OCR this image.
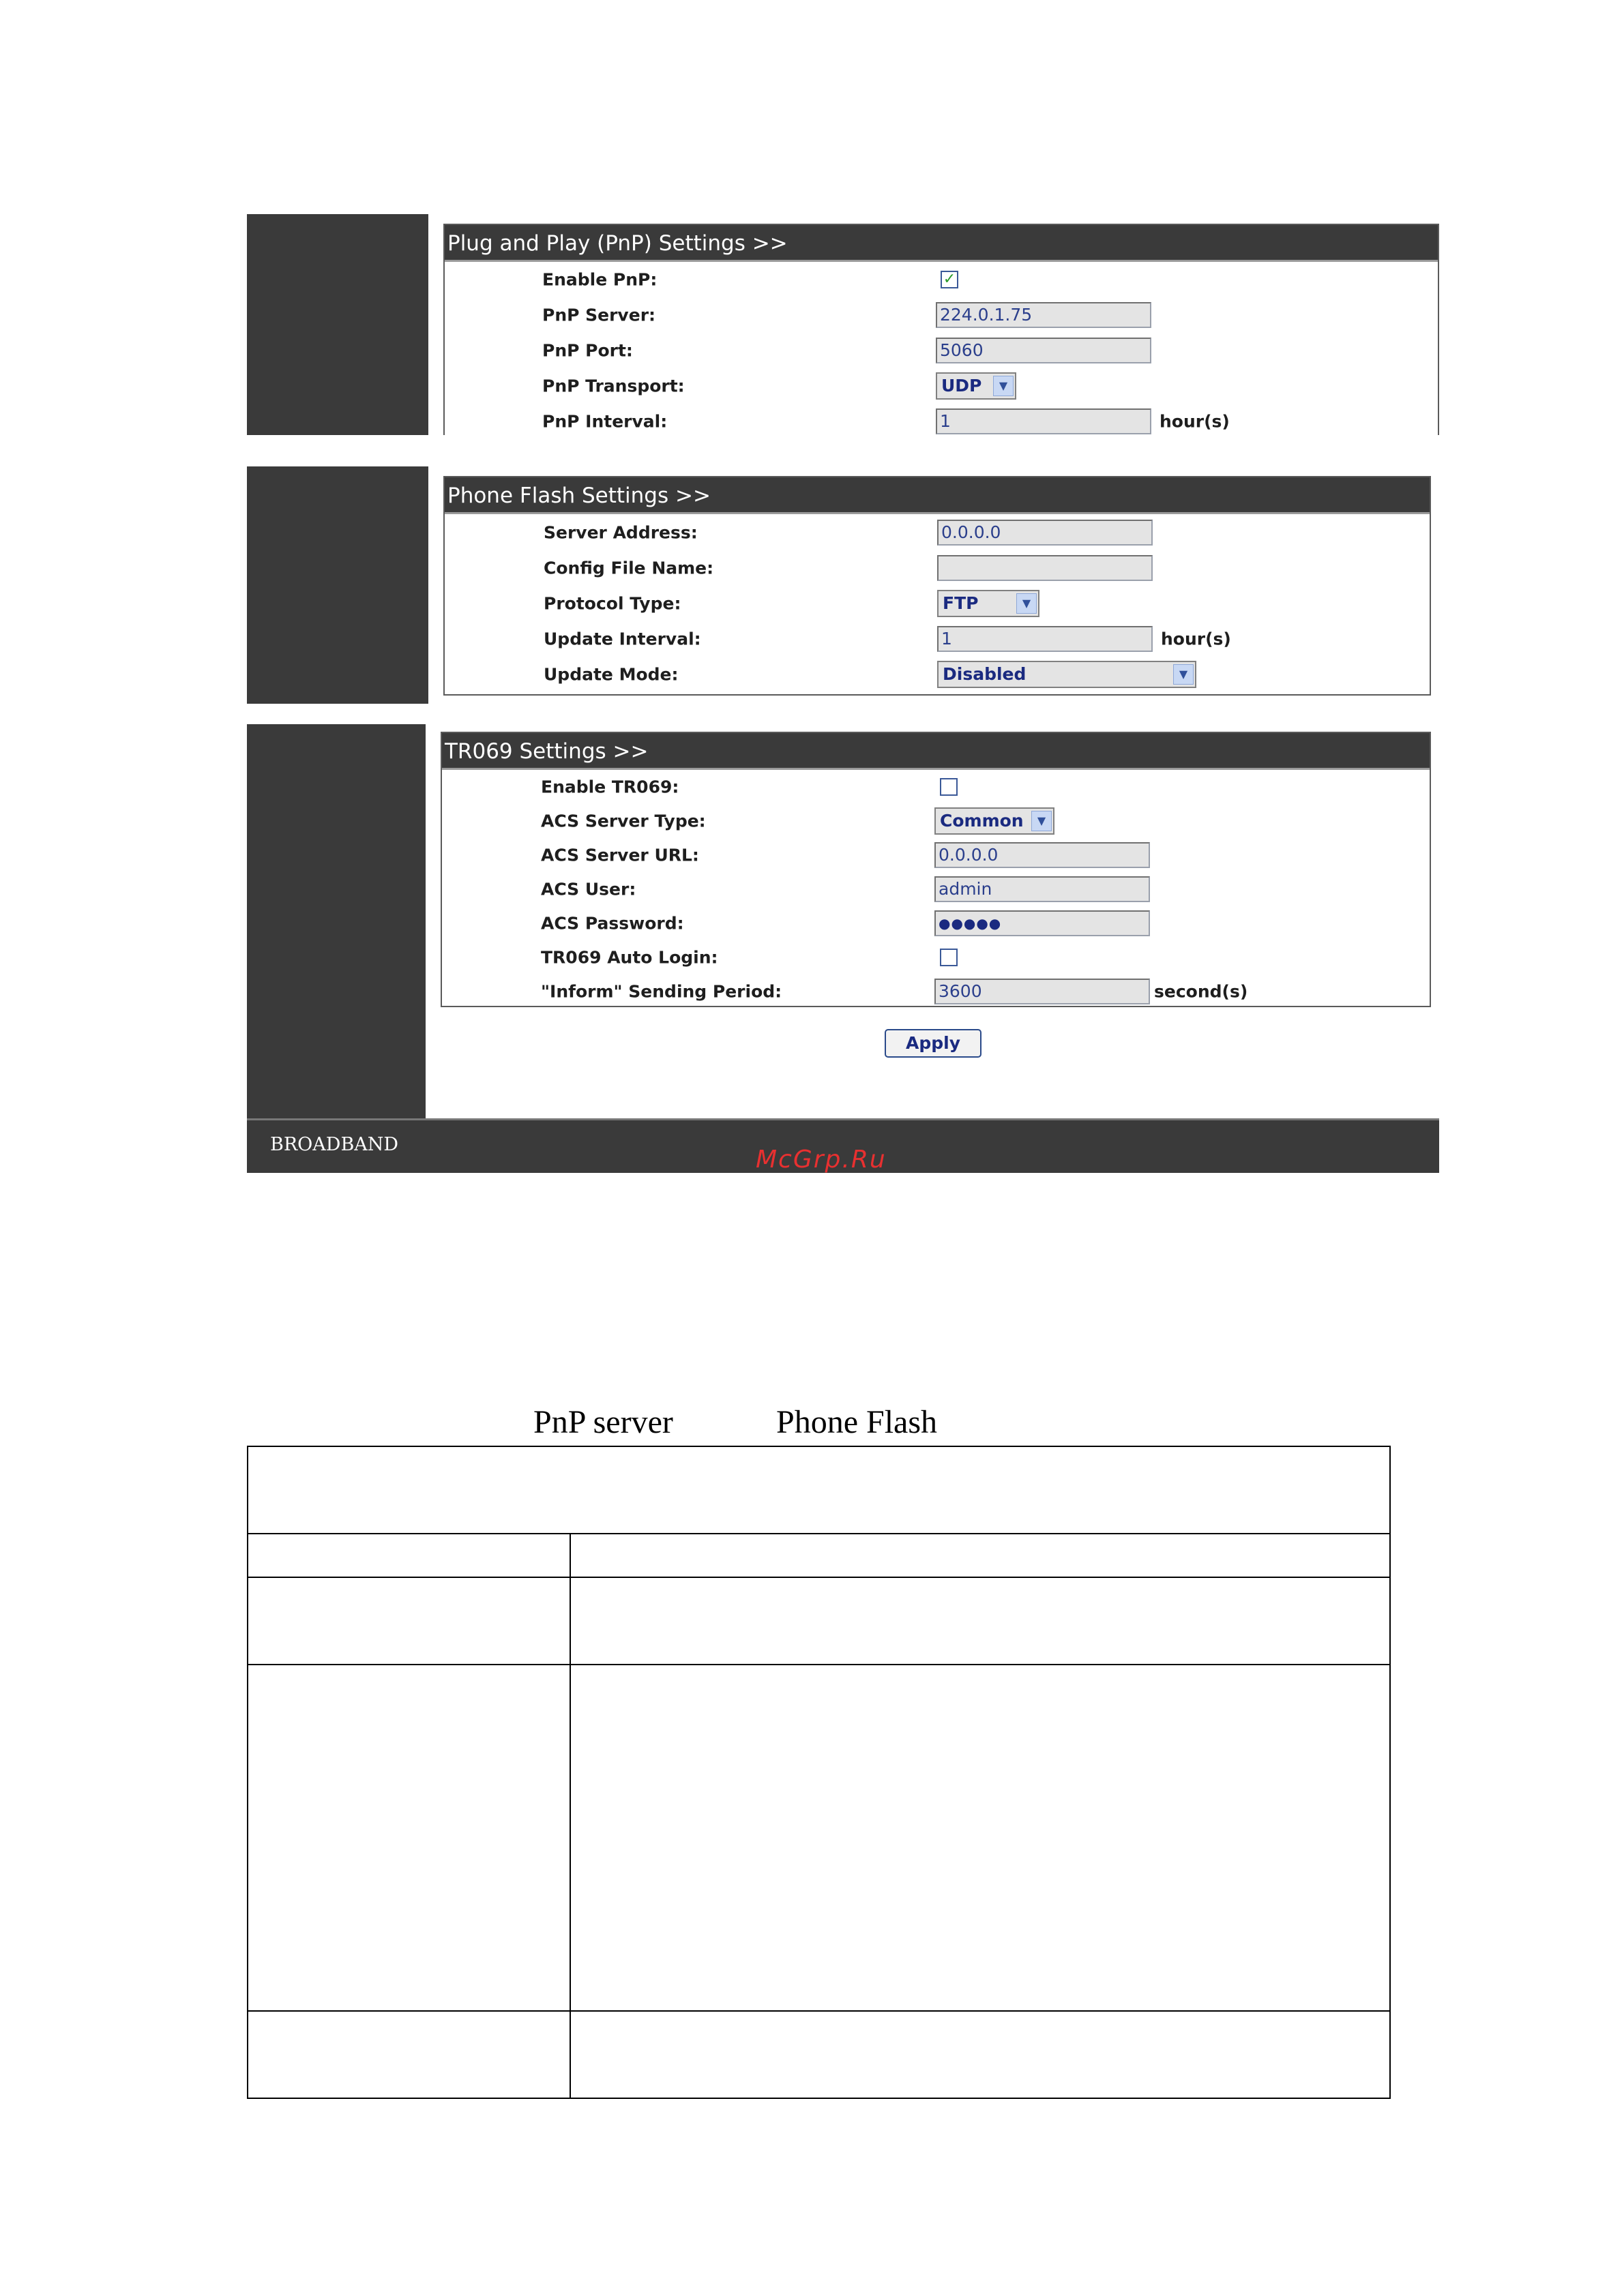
Plug and Play (PnP) Settings >>
Enable PnP:	✓
PnP Server:	224.0.1.75
PnP Port:	5060
PnP Transport:	UDP	▼
PnP Interval:	1	hour(s)
Phone Flash Settings >>
Server Address:	0.0.0.0
Config File Name:
Protocol Type:	FTP	▼
Update Interval:	1	hour(s)
Update Mode:	Disabled	▼
TR069 Settings >>
Enable TR069:
ACS Server Type:	Common	▼
ACS Server URL:	0.0.0.0
ACS User:	admin
ACS Password:	●●●●●
TR069 Auto Login:
"Inform" Sending Period:	3600	second(s)
Apply
BROADBAND
McGrp.Ru
PnP server	Phone Flash
